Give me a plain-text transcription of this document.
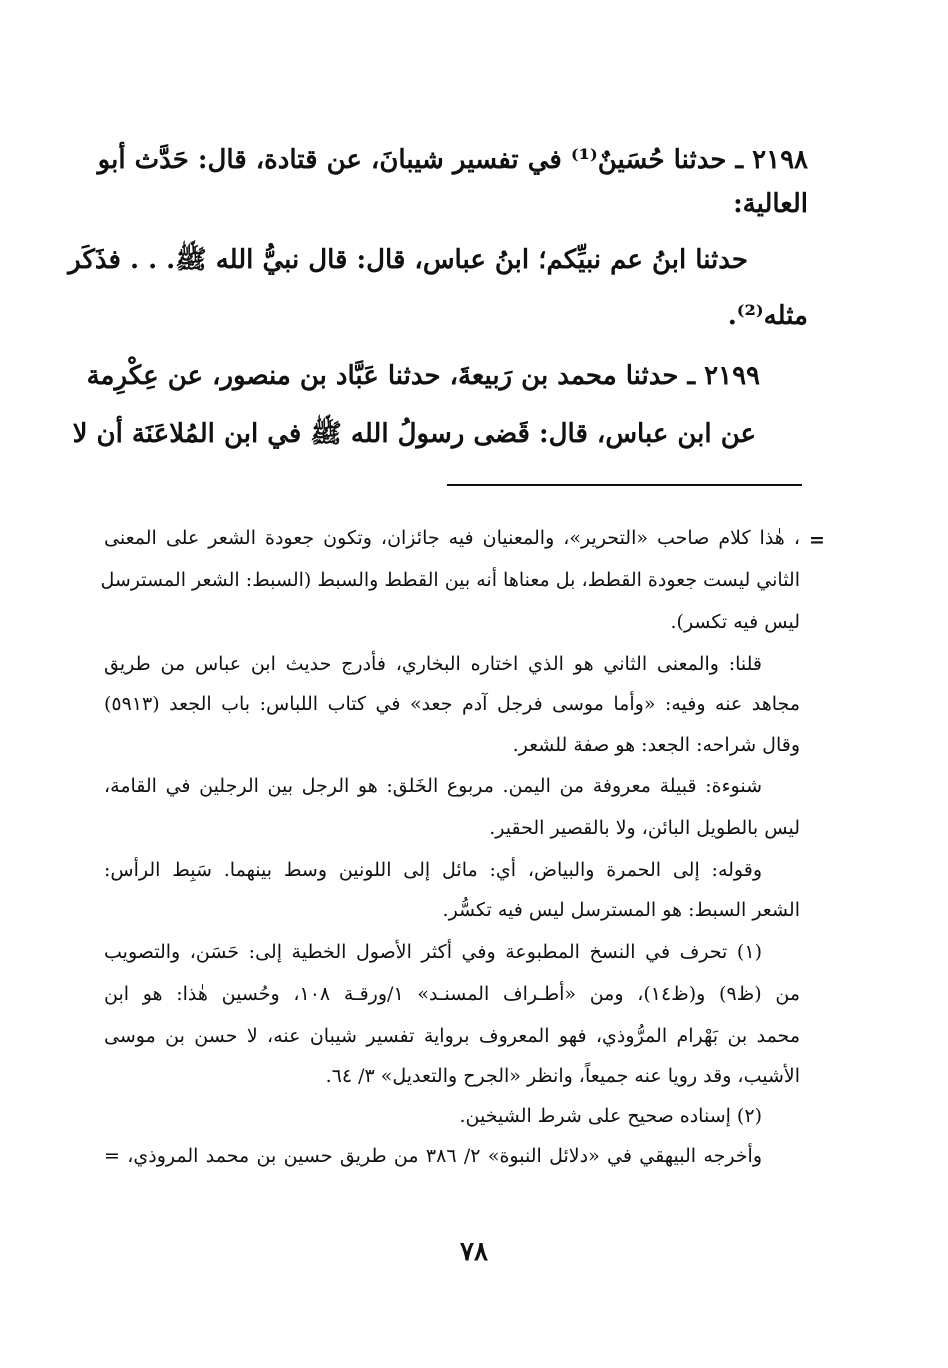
٢١٩٨ ـ حدثنا حُسَينٌ⁽¹⁾ في تفسير شيبانَ، عن قتادة، قال: حَدَّث أبو
العالية:
حدثنا ابنُ عم نبيِّكم؛ ابنُ عباس، قال: قال نبيُّ الله ﷺ. . . فذَكَر
مثله⁽²⁾.
٢١٩٩ ـ حدثنا محمد بن رَبيعةَ، حدثنا عَبَّاد بن منصور، عن عِكْرِمة
عن ابن عباس، قال: قَضى رسولُ الله ﷺ في ابن المُلاعَنَة أن لا
=
، هٰذا كلام صاحب «التحرير»، والمعنيان فيه جائزان، وتكون جعودة الشعر على المعنى
الثاني ليست جعودة القطط، بل معناها أنه بين القطط والسبط (السبط: الشعر المسترسل
ليس فيه تكسر).
قلنا: والمعنى الثاني هو الذي اختاره البخاري، فأدرج حديث ابن عباس من طريق
مجاهد عنه وفيه: «وأما موسى فرجل آدم جعد» في كتاب اللباس: باب الجعد (٥٩١٣)
وقال شراحه: الجعد: هو صفة للشعر.
شنوءة: قبيلة معروفة من اليمن. مربوع الخَلق: هو الرجل بين الرجلين في القامة،
ليس بالطويل البائن، ولا بالقصير الحقير.
وقوله: إلى الحمرة والبياض، أي: مائل إلى اللونين وسط بينهما. سَبِط الرأس:
الشعر السبط: هو المسترسل ليس فيه تكسُّر.
(١) تحرف في النسخ المطبوعة وفي أكثر الأصول الخطية إلى: حَسَن، والتصويب
من (ظ٩) و(ظ١٤)، ومن «أطـراف المسنـد» ١/ورقـة ١٠٨، وحُسين هٰذا: هو ابن
محمد بن بَهْرام المرُّوذي، فهو المعروف برواية تفسير شيبان عنه، لا حسن بن موسى
الأشيب، وقد رويا عنه جميعاً، وانظر «الجرح والتعديل» ٣/ ٦٤.
(٢) إسناده صحيح على شرط الشيخين.
وأخرجه البيهقي في «دلائل النبوة» ٢/ ٣٨٦ من طريق حسين بن محمد المروذي، =
٧٨
